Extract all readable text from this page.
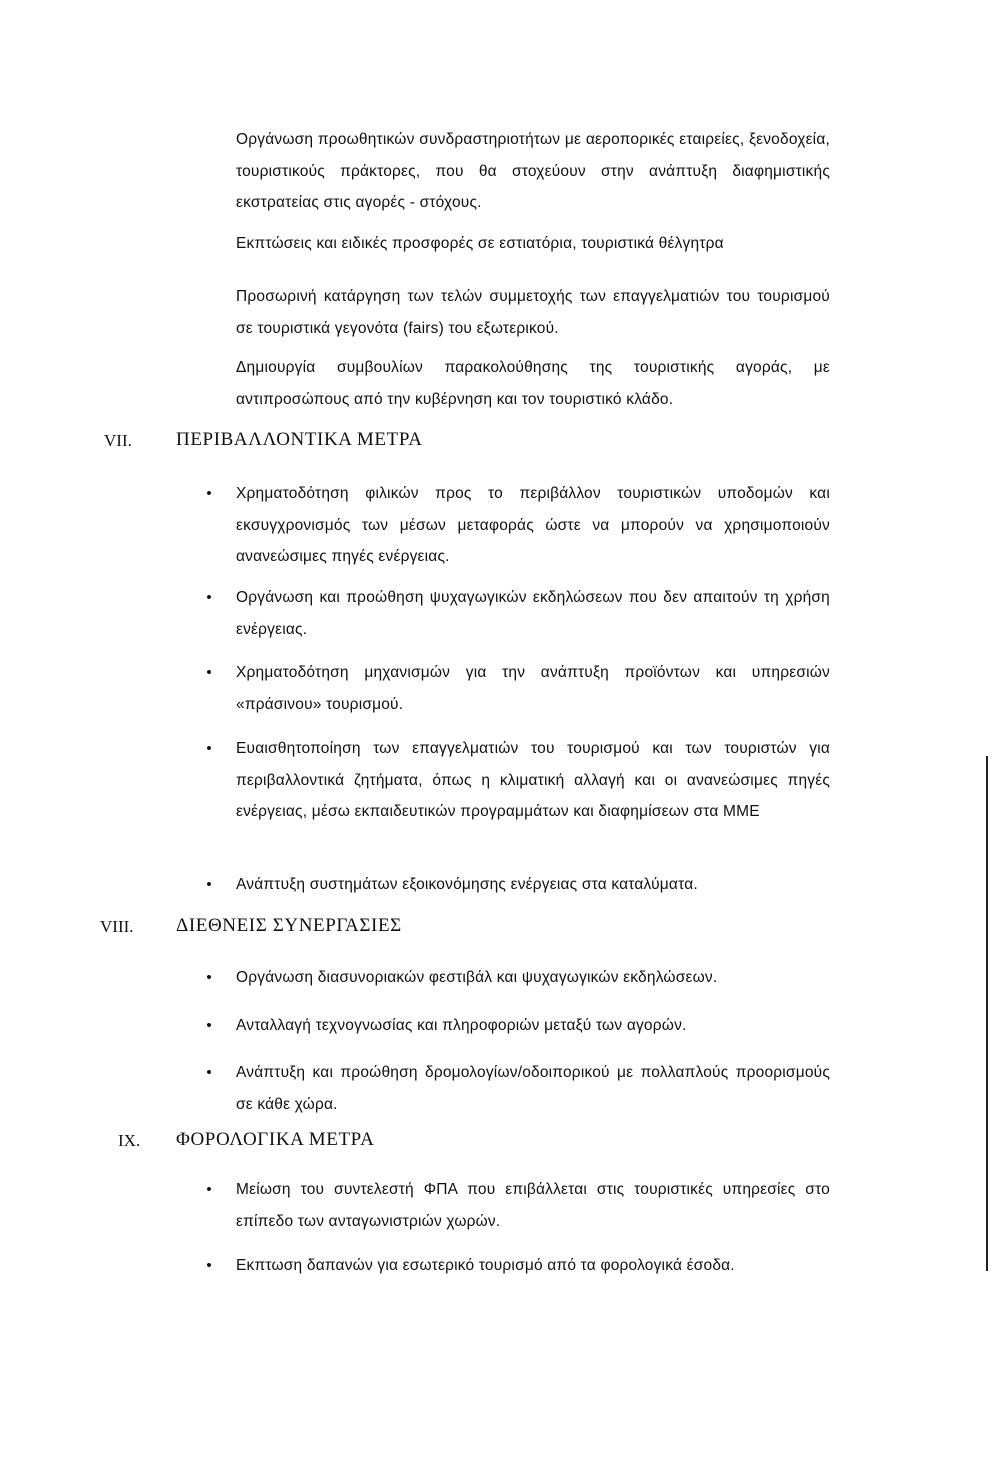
Οργάνωση προωθητικών συνδραστηριοτήτων με αεροπορικές εταιρείες, ξενοδοχεία, τουριστικούς πράκτορες, που θα στοχεύουν στην ανάπτυξη διαφημιστικής εκστρατείας στις αγορές - στόχους.
Εκπτώσεις και ειδικές προσφορές σε εστιατόρια, τουριστικά θέλγητρα
Προσωρινή κατάργηση των τελών συμμετοχής των επαγγελματιών του τουρισμού σε τουριστικά γεγονότα (fairs) του εξωτερικού.
Δημιουργία συμβουλίων παρακολούθησης της τουριστικής αγοράς, με αντιπροσώπους από την κυβέρνηση και τον τουριστικό κλάδο.
VII. ΠΕΡΙΒΑΛΛΟΝΤΙΚΑ ΜΕΤΡΑ
• Χρηματοδότηση φιλικών προς το περιβάλλον τουριστικών υποδομών και εκσυγχρονισμός των μέσων μεταφοράς ώστε να μπορούν να χρησιμοποιούν ανανεώσιμες πηγές ενέργειας.
• Οργάνωση και προώθηση ψυχαγωγικών εκδηλώσεων που δεν απαιτούν τη χρήση ενέργειας.
• Χρηματοδότηση μηχανισμών για την ανάπτυξη προϊόντων και υπηρεσιών «πράσινου» τουρισμού.
• Ευαισθητοποίηση των επαγγελματιών του τουρισμού και των τουριστών για περιβαλλοντικά ζητήματα, όπως η κλιματική αλλαγή και οι ανανεώσιμες πηγές ενέργειας, μέσω εκπαιδευτικών προγραμμάτων και διαφημίσεων στα ΜΜΕ
• Ανάπτυξη συστημάτων εξοικονόμησης ενέργειας στα καταλύματα.
VIII. ΔΙΕΘΝΕΙΣ ΣΥΝΕΡΓΑΣΙΕΣ
• Οργάνωση διασυνοριακών φεστιβάλ και ψυχαγωγικών εκδηλώσεων.
• Ανταλλαγή τεχνογνωσίας και πληροφοριών μεταξύ των αγορών.
• Ανάπτυξη και προώθηση δρομολογίων/οδοιπορικού με πολλαπλούς προορισμούς σε κάθε χώρα.
IX. ΦΟΡΟΛΟΓΙΚΑ ΜΕΤΡΑ
• Μείωση του συντελεστή ΦΠΑ που επιβάλλεται στις τουριστικές υπηρεσίες στο επίπεδο των ανταγωνιστριών χωρών.
• Εκπτωση δαπανών για εσωτερικό τουρισμό από τα φορολογικά έσοδα.
